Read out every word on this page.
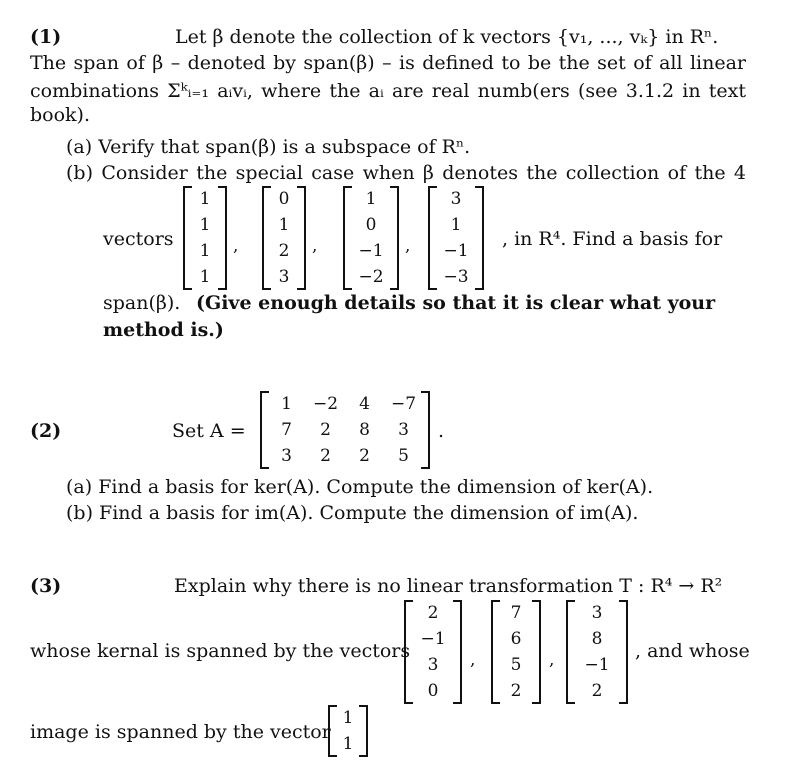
(1)	Let β denote the collection of k vectors {v₁, ..., vₖ} in Rⁿ.
The span of β – denoted by span(β) – is defined to be the set of all linear
combinations Σᵏᵢ₌₁ aᵢvᵢ, where the aᵢ are real numb(ers (see 3.1.2 in text
book).
(a) Verify that span(β) is a subspace of Rⁿ.
(b) Consider the special case when β denotes the collection of the 4
vectors
1
1
1
1
,
0
1
2
3
,
1
0
−1
−2
,
3
1
−1
−3
, in R⁴. Find a basis for
span(β). (Give enough details so that it is clear what your
method is.)
(2)	Set A =
1	−2	4	−7
7	2	8	3
3	2	2	5
.
(a) Find a basis for ker(A). Compute the dimension of ker(A).
(b) Find a basis for im(A). Compute the dimension of im(A).
(3)	Explain why there is no linear transformation T : R⁴ → R²
whose kernal is spanned by the vectors
2
−1
3
0
,
7
6
5
2
,
3
8
−1
2
, and whose
image is spanned by the vector
1
1
